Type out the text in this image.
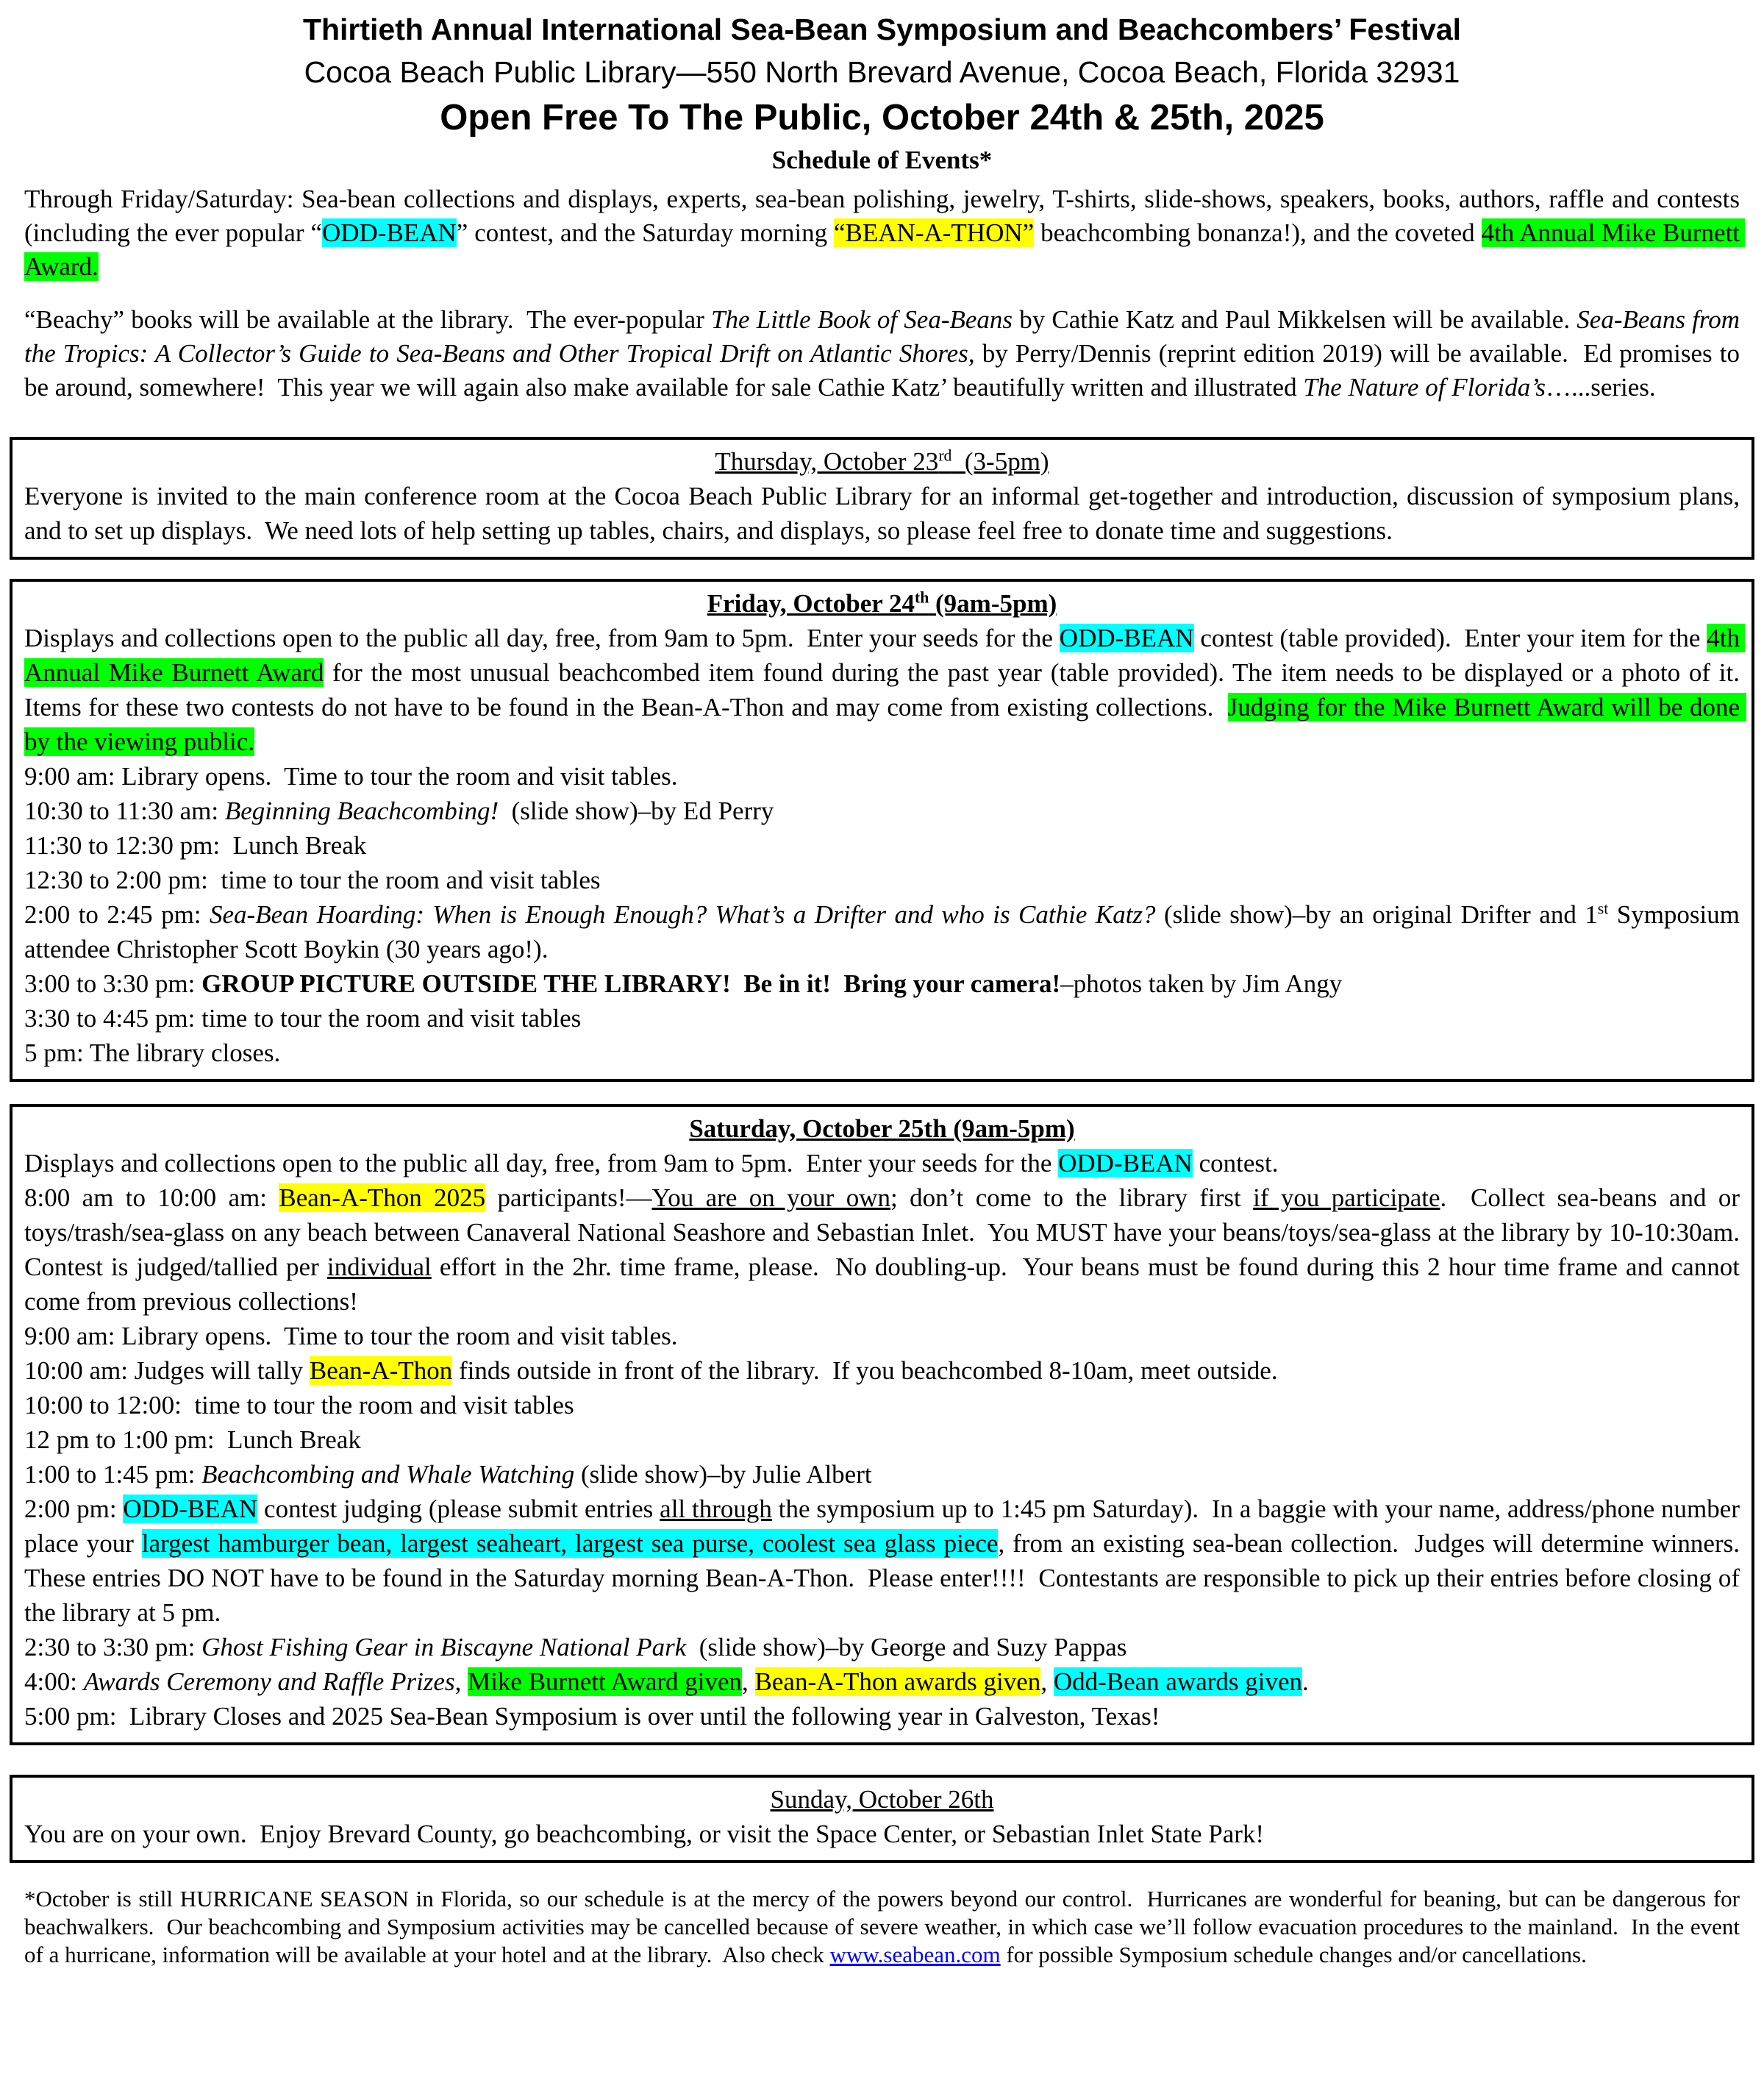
Thirtieth Annual International Sea-Bean Symposium and Beachcombers’ Festival
Cocoa Beach Public Library—550 North Brevard Avenue, Cocoa Beach, Florida 32931
Open Free To The Public, October 24th & 25th, 2025
Schedule of Events*

Through Friday/Saturday: Sea-bean collections and displays, experts, sea-bean polishing, jewelry, T-shirts, slide-shows, speakers, books, authors, raffle and contests (including the ever popular “ODD-BEAN” contest, and the Saturday morning “BEAN-A-THON” beachcombing bonanza!), and the coveted 4th Annual Mike Burnett Award.

“Beachy” books will be available at the library.  The ever-popular The Little Book of Sea-Beans by Cathie Katz and Paul Mikkelsen will be available. Sea-Beans from the Tropics: A Collector’s Guide to Sea-Beans and Other Tropical Drift on Atlantic Shores, by Perry/Dennis (reprint edition 2019) will be available.  Ed promises to be around, somewhere!  This year we will again also make available for sale Cathie Katz’ beautifully written and illustrated The Nature of Florida’s…...series.

Thursday, October 23rd  (3-5pm)

Everyone is invited to the main conference room at the Cocoa Beach Public Library for an informal get-together and introduction, discussion of symposium plans, and to set up displays.  We need lots of help setting up tables, chairs, and displays, so please feel free to donate time and suggestions.

Friday, October 24th (9am-5pm)

Displays and collections open to the public all day, free, from 9am to 5pm.  Enter your seeds for the ODD-BEAN contest (table provided).  Enter your item for the 4th Annual Mike Burnett Award for the most unusual beachcombed item found during the past year (table provided). The item needs to be displayed or a photo of it.  Items for these two contests do not have to be found in the Bean-A-Thon and may come from existing collections.  Judging for the Mike Burnett Award will be done by the viewing public.

9:00 am: Library opens.  Time to tour the room and visit tables.

10:30 to 11:30 am: Beginning Beachcombing!  (slide show)–by Ed Perry

11:30 to 12:30 pm:  Lunch Break

12:30 to 2:00 pm:  time to tour the room and visit tables

2:00 to 2:45 pm: Sea-Bean Hoarding: When is Enough Enough? What’s a Drifter and who is Cathie Katz? (slide show)–by an original Drifter and 1st Symposium attendee Christopher Scott Boykin (30 years ago!).

3:00 to 3:30 pm: GROUP PICTURE OUTSIDE THE LIBRARY!  Be in it!  Bring your camera!–photos taken by Jim Angy

3:30 to 4:45 pm: time to tour the room and visit tables

5 pm: The library closes.

Saturday, October 25th (9am-5pm)

Displays and collections open to the public all day, free, from 9am to 5pm.  Enter your seeds for the ODD-BEAN contest.

8:00 am to 10:00 am: Bean-A-Thon 2025 participants!—You are on your own; don’t come to the library first if you participate.  Collect sea-beans and or toys/trash/sea-glass on any beach between Canaveral National Seashore and Sebastian Inlet.  You MUST have your beans/toys/sea-glass at the library by 10-10:30am.  Contest is judged/tallied per individual effort in the 2hr. time frame, please.  No doubling-up.  Your beans must be found during this 2 hour time frame and cannot come from previous collections!

9:00 am: Library opens.  Time to tour the room and visit tables.

10:00 am: Judges will tally Bean-A-Thon finds outside in front of the library.  If you beachcombed 8-10am, meet outside.

10:00 to 12:00:  time to tour the room and visit tables

12 pm to 1:00 pm:  Lunch Break

1:00 to 1:45 pm: Beachcombing and Whale Watching (slide show)–by Julie Albert

2:00 pm: ODD-BEAN contest judging (please submit entries all through the symposium up to 1:45 pm Saturday).  In a baggie with your name, address/phone number place your largest hamburger bean, largest seaheart, largest sea purse, coolest sea glass piece, from an existing sea-bean collection.  Judges will determine winners.  These entries DO NOT have to be found in the Saturday morning Bean-A-Thon.  Please enter!!!!  Contestants are responsible to pick up their entries before closing of the library at 5 pm.

2:30 to 3:30 pm: Ghost Fishing Gear in Biscayne National Park  (slide show)–by George and Suzy Pappas

4:00: Awards Ceremony and Raffle Prizes, Mike Burnett Award given, Bean-A-Thon awards given, Odd-Bean awards given.

5:00 pm:  Library Closes and 2025 Sea-Bean Symposium is over until the following year in Galveston, Texas!

Sunday, October 26th

You are on your own.  Enjoy Brevard County, go beachcombing, or visit the Space Center, or Sebastian Inlet State Park!

*October is still HURRICANE SEASON in Florida, so our schedule is at the mercy of the powers beyond our control.  Hurricanes are wonderful for beaning, but can be dangerous for beachwalkers.  Our beachcombing and Symposium activities may be cancelled because of severe weather, in which case we’ll follow evacuation procedures to the mainland.  In the event of a hurricane, information will be available at your hotel and at the library.  Also check www.seabean.com for possible Symposium schedule changes and/or cancellations.
